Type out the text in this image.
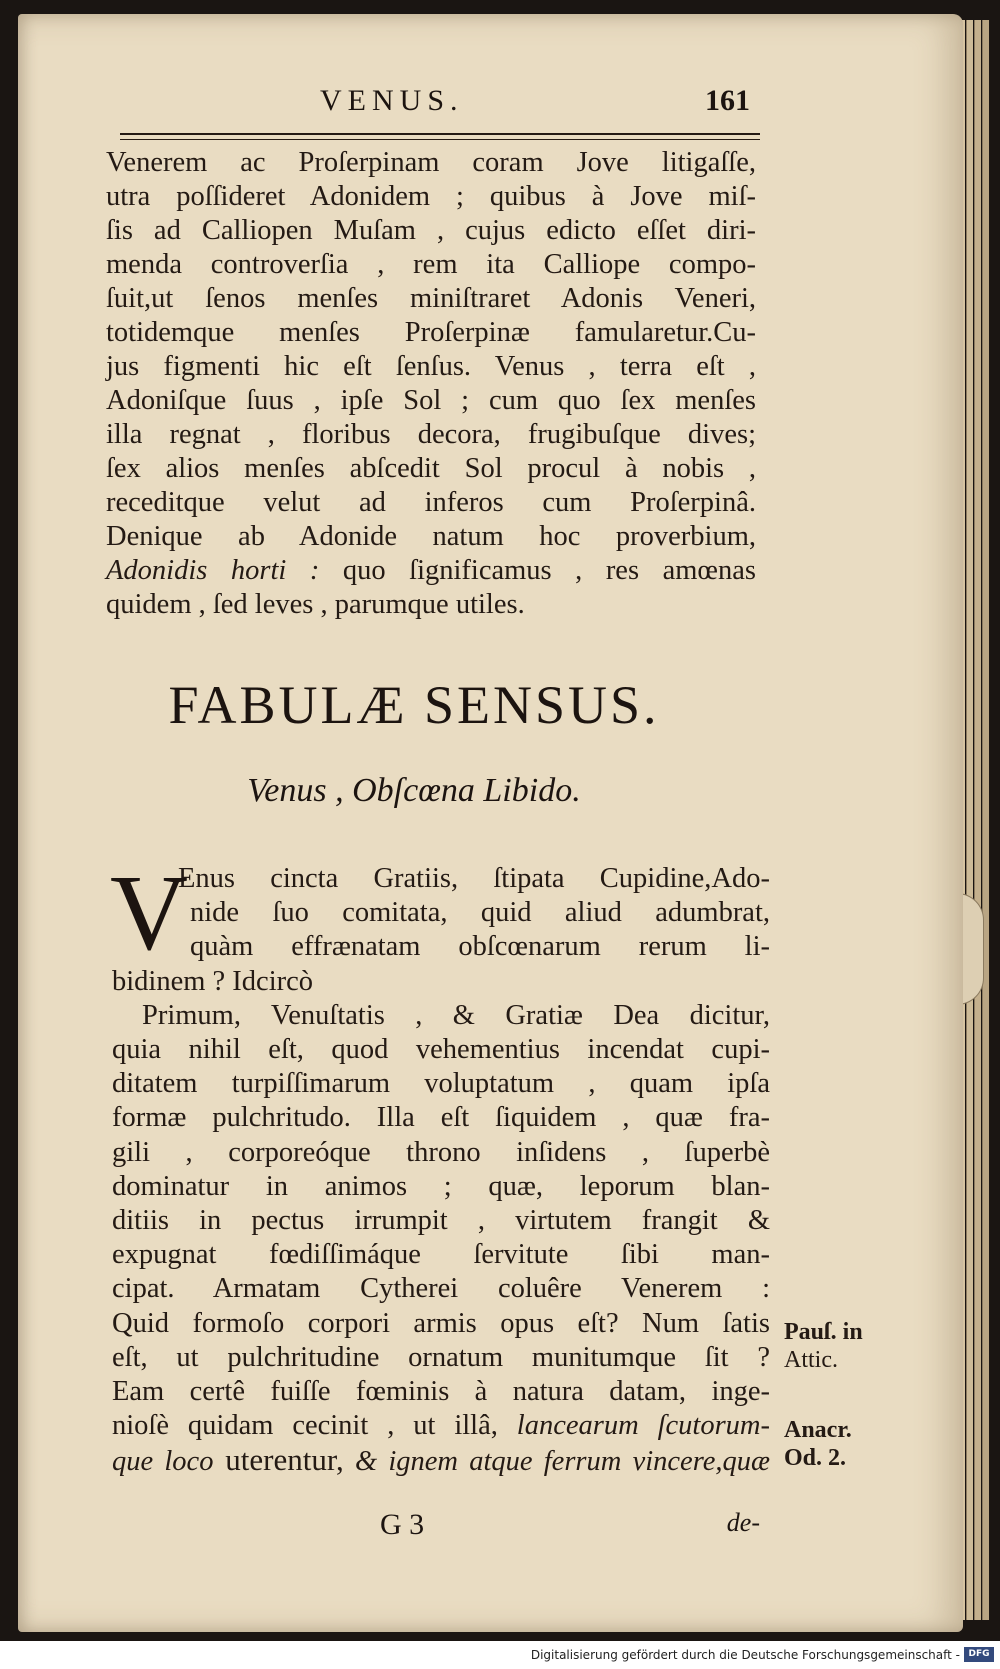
VENUS.	161
Venerem ac Proſerpinam coram Jove litigaſſe,
utra poſſideret Adonidem ; quibus à Jove miſ-
ſis ad Calliopen Muſam , cujus edicto eſſet diri-
menda controverſia , rem ita Calliope compo-
ſuit,ut ſenos menſes miniſtraret Adonis Veneri,
totidemque menſes Proſerpinæ famularetur.Cu-
jus figmenti hic eſt ſenſus. Venus , terra eſt ,
Adoniſque ſuus , ipſe Sol ; cum quo ſex menſes
illa regnat , floribus decora, frugibuſque dives;
ſex alios menſes abſcedit Sol procul à nobis ,
receditque velut ad inferos cum Proſerpinâ.
Denique ab Adonide natum hoc proverbium,
Adonidis horti : quo ſignificamus , res amœnas
quidem , ſed leves , parumque utiles.
FABULÆ SENSUS.
Venus , Obſcœna Libido.
V
Enus cincta Gratiis, ſtipata Cupidine,Ado-
nide ſuo comitata, quid aliud adumbrat,
quàm effrænatam obſcœnarum rerum li-
bidinem ? Idcircò
Primum, Venuſtatis , & Gratiæ Dea dicitur,
quia nihil eſt, quod vehementius incendat cupi-
ditatem turpiſſimarum voluptatum , quam ipſa
formæ pulchritudo. Illa eſt ſiquidem , quæ fra-
gili , corporeóque throno inſidens , ſuperbè
dominatur in animos ; quæ, leporum blan-
ditiis in pectus irrumpit , virtutem frangit &
expugnat fœdiſſimáque ſervitute ſibi man-
cipat. Armatam Cytherei coluêre Venerem :
Quid formoſo corpori armis opus eſt? Num ſatis
eſt, ut pulchritudine ornatum munitumque ſit ?
Eam certê fuiſſe fœminis à natura datam, inge-
nioſè quidam cecinit , ut illâ, lancearum ſcutorum-
que loco uterentur, & ignem atque ferrum vincere,quæ
Pauſ. in
Attic.
Anacr.
Od. 2.
G 3	de-
Digitalisierung gefördert durch die Deutsche Forschungsgemeinschaft - DFG
